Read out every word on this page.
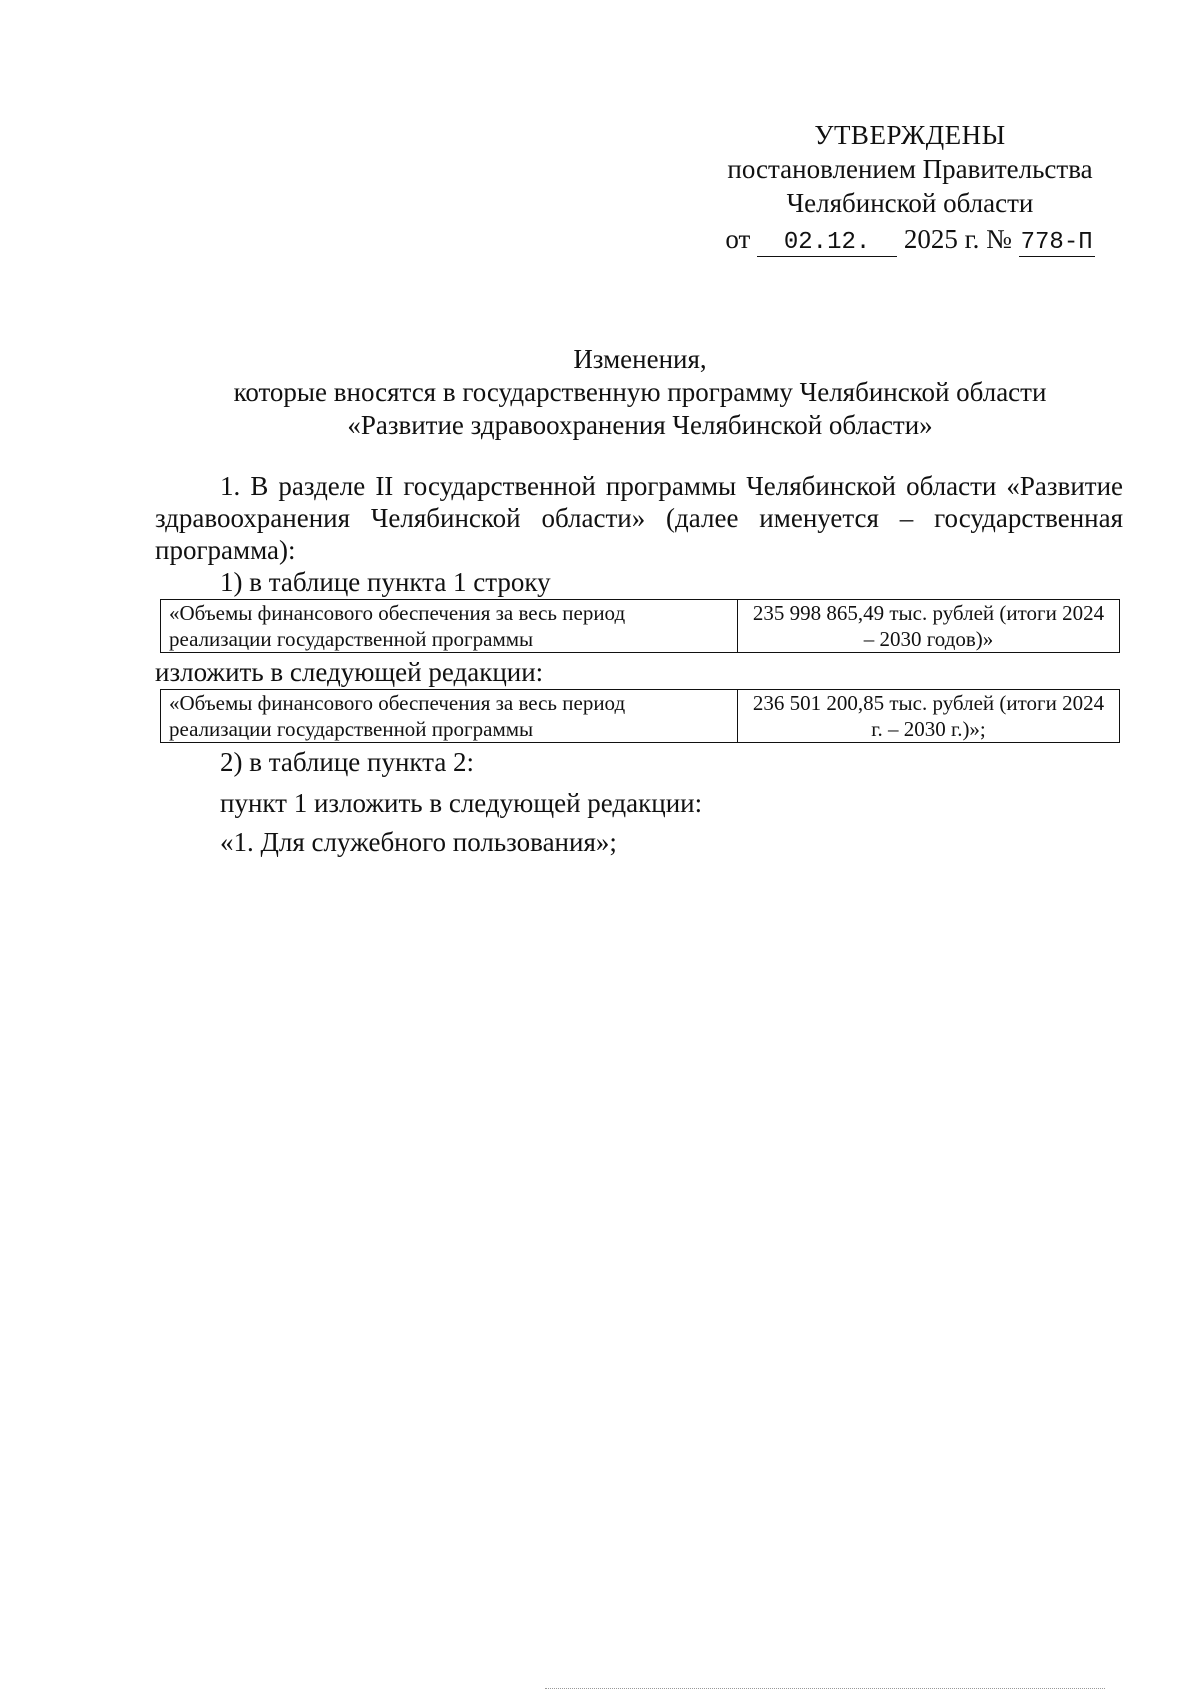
УТВЕРЖДЕНЫ
постановлением Правительства
Челябинской области
от 02.12. 2025 г. № 778-П
Изменения,
которые вносятся в государственную программу Челябинской области
«Развитие здравоохранения Челябинской области»
1. В разделе II государственной программы Челябинской области «Развитие здравоохранения Челябинской области» (далее именуется – государственная программа):
1) в таблице пункта 1 строку
«Объемы финансового обеспечения за весь период реализации государственной программы	235 998 865,49 тыс. рублей (итоги 2024 – 2030 годов)»
изложить в следующей редакции:
«Объемы финансового обеспечения за весь период реализации государственной программы	236 501 200,85 тыс. рублей (итоги 2024 г. – 2030 г.)»;
2) в таблице пункта 2:
пункт 1 изложить в следующей редакции:
«1. Для служебного пользования»;
